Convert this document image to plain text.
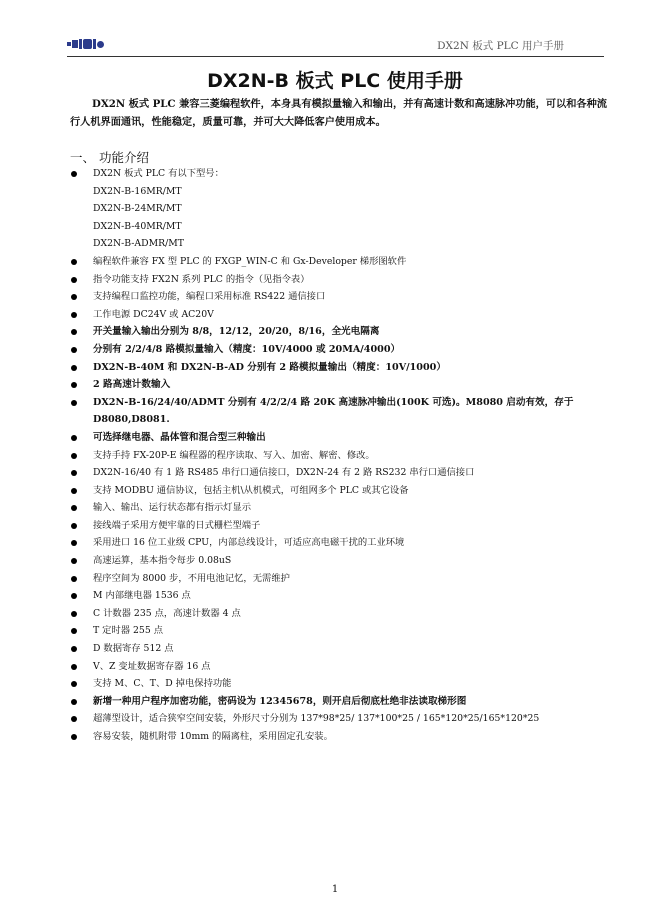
DX2N 板式 PLC 用户手册
DX2N-B 板式 PLC 使用手册
DX2N 板式 PLC 兼容三菱编程软件，本身具有模拟量输入和输出，并有高速计数和高速脉冲功能，可以和各种流行人机界面通讯，性能稳定，质量可靠，并可大大降低客户使用成本。
一、 功能介绍
DX2N 板式 PLC 有以下型号：
DX2N-B-16MR/MT
DX2N-B-24MR/MT
DX2N-B-40MR/MT
DX2N-B-ADMR/MT
编程软件兼容 FX 型 PLC 的 FXGP_WIN-C 和 Gx-Developer 梯形图软件
指令功能支持 FX2N 系列 PLC 的指令（见指令表）
支持编程口监控功能，编程口采用标准 RS422 通信接口
工作电源 DC24V 或 AC20V
开关量输入输出分别为 8/8，12/12，20/20，8/16，全光电隔离
分别有 2/2/4/8 路模拟量输入（精度：10V/4000 或 20MA/4000）
DX2N-B-40M 和 DX2N-B-AD 分别有 2 路模拟量输出（精度：10V/1000）
2 路高速计数输入
DX2N-B-16/24/40/ADMT 分别有 4/2/2/4 路 20K 高速脉冲输出(100K 可选)。M8080 启动有效，存于
D8080,D8081.
可选择继电器、晶体管和混合型三种输出
支持手持 FX-20P-E 编程器的程序读取、写入、加密、解密、修改。
DX2N-16/40 有 1 路 RS485 串行口通信接口，DX2N-24 有 2 路 RS232 串行口通信接口
支持 MODBU 通信协议，包括主机\从机模式，可组网多个 PLC 或其它设备
输入、输出、运行状态都有指示灯显示
接线端子采用方便牢靠的日式栅栏型端子
采用进口 16 位工业级 CPU，内部总线设计，可适应高电磁干扰的工业环境
高速运算，基本指令每步 0.08uS
程序空间为 8000 步，不用电池记忆，无需维护
M 内部继电器 1536 点
C 计数器 235 点，高速计数器 4 点
T 定时器 255 点
D 数据寄存 512 点
V、Z 变址数据寄存器 16 点
支持 M、C、T、D 掉电保持功能
新增一种用户程序加密功能，密码设为 12345678，则开启后彻底杜绝非法读取梯形图
超薄型设计，适合狭窄空间安装，外形尺寸分别为 137*98*25/ 137*100*25 / 165*120*25/165*120*25
容易安装，随机附带 10mm 的隔离柱，采用固定孔安装。
1
